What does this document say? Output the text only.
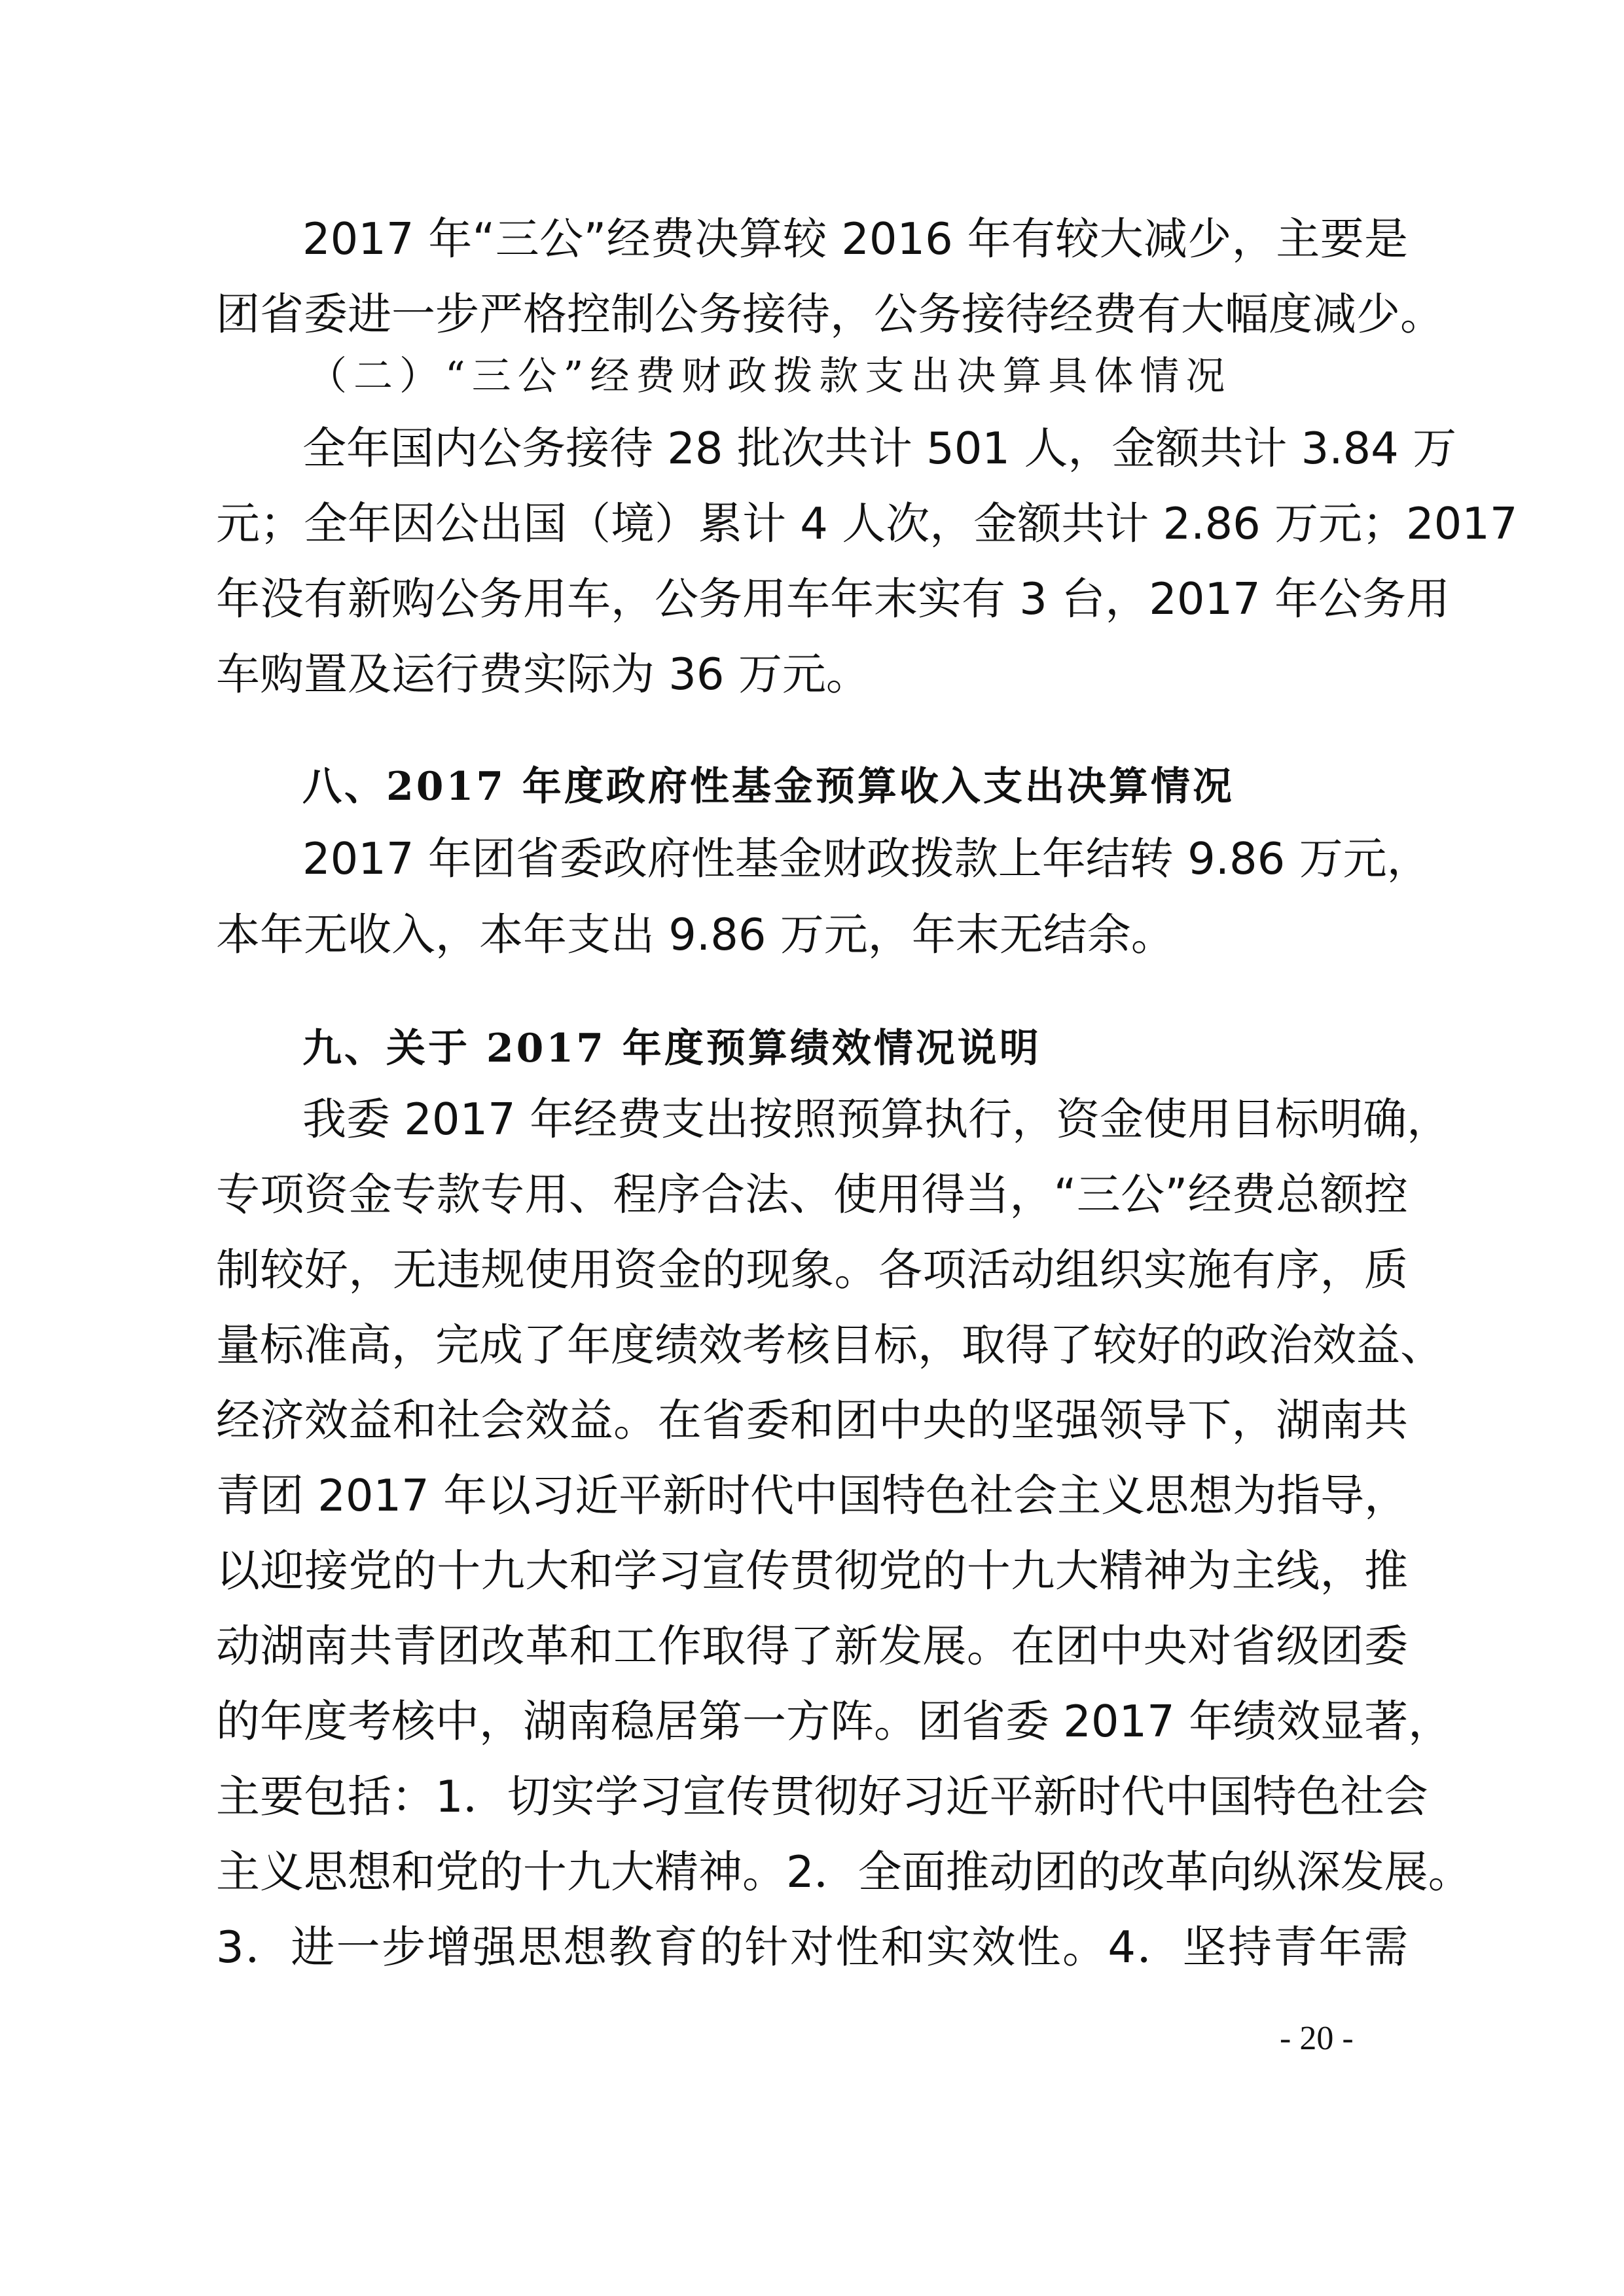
2017 年“三公”经费决算较 2016 年有较大减少，主要是
团省委进一步严格控制公务接待，公务接待经费有大幅度减少。
（二）“三公”经费财政拨款支出决算具体情况
全年国内公务接待 28 批次共计 501 人，金额共计 3.84 万
元；全年因公出国（境）累计 4 人次，金额共计 2.86 万元；2017
年没有新购公务用车，公务用车年末实有 3 台，2017 年公务用
车购置及运行费实际为 36 万元。
八、2017 年度政府性基金预算收入支出决算情况
2017 年团省委政府性基金财政拨款上年结转 9.86 万元，
本年无收入，本年支出 9.86 万元，年末无结余。
九、关于 2017 年度预算绩效情况说明
我委 2017 年经费支出按照预算执行，资金使用目标明确，
专项资金专款专用、程序合法、使用得当，“三公”经费总额控
制较好，无违规使用资金的现象。各项活动组织实施有序，质
量标准高，完成了年度绩效考核目标，取得了较好的政治效益、
经济效益和社会效益。在省委和团中央的坚强领导下，湖南共
青团 2017 年以习近平新时代中国特色社会主义思想为指导，
以迎接党的十九大和学习宣传贯彻党的十九大精神为主线，推
动湖南共青团改革和工作取得了新发展。在团中央对省级团委
的年度考核中，湖南稳居第一方阵。团省委 2017 年绩效显著，
主要包括：1．切实学习宣传贯彻好习近平新时代中国特色社会
主义思想和党的十九大精神。2．全面推动团的改革向纵深发展。
3．进一步增强思想教育的针对性和实效性。4．坚持青年需
- 20 -
